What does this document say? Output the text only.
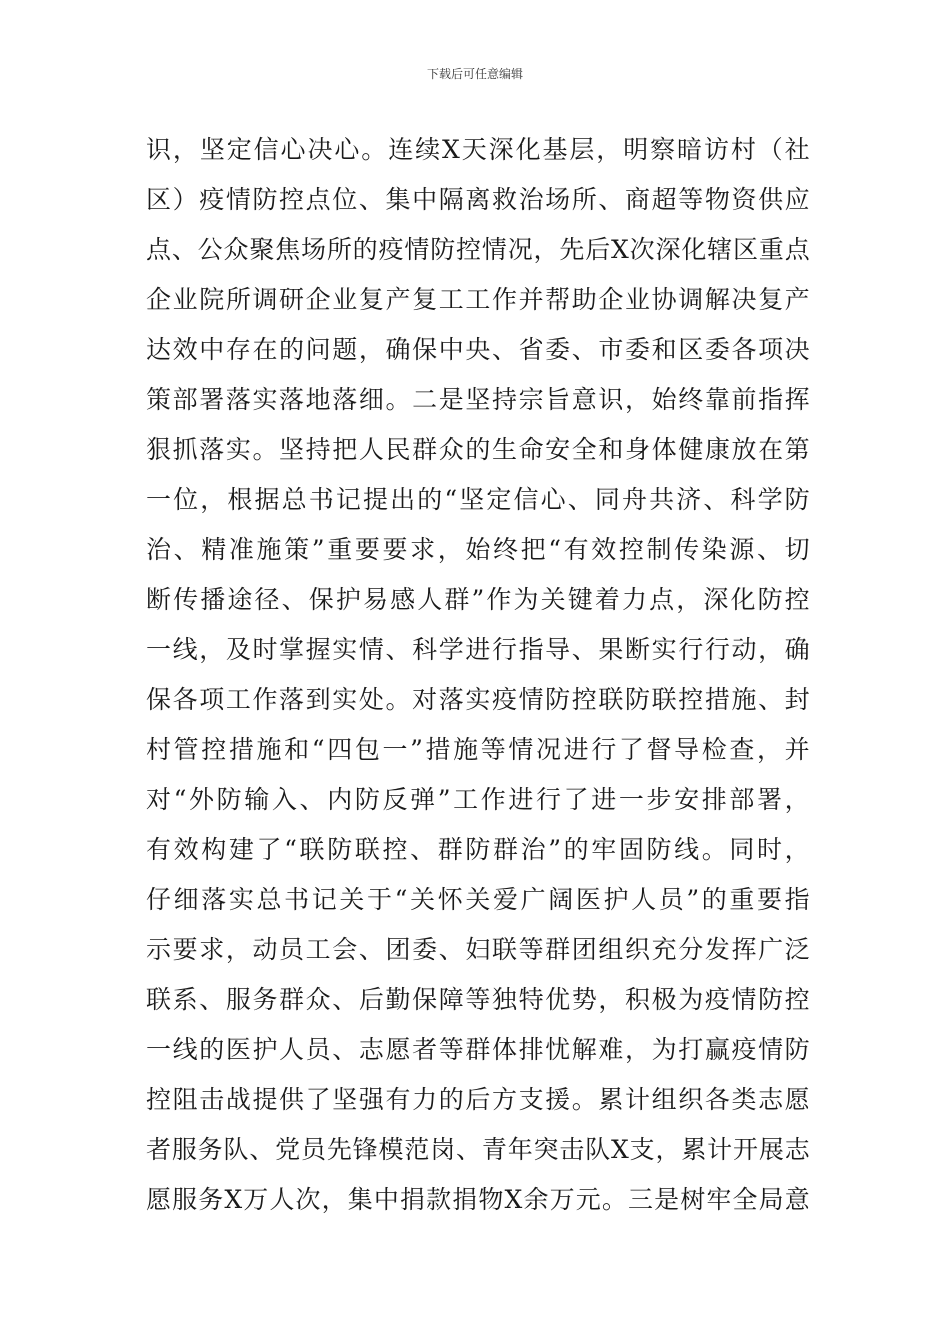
下载后可任意编辑
识，坚定信心决心。连续X天深化基层，明察暗访村（社
区）疫情防控点位、集中隔离救治场所、商超等物资供应
点、公众聚焦场所的疫情防控情况，先后X次深化辖区重点
企业院所调研企业复产复工工作并帮助企业协调解决复产
达效中存在的问题，确保中央、省委、市委和区委各项决
策部署落实落地落细。二是坚持宗旨意识，始终靠前指挥
狠抓落实。坚持把人民群众的生命安全和身体健康放在第
一位，根据总书记提出的“坚定信心、同舟共济、科学防
治、精准施策”重要要求，始终把“有效控制传染源、切
断传播途径、保护易感人群”作为关键着力点，深化防控
一线，及时掌握实情、科学进行指导、果断实行行动，确
保各项工作落到实处。对落实疫情防控联防联控措施、封
村管控措施和“四包一”措施等情况进行了督导检查，并
对“外防输入、内防反弹”工作进行了进一步安排部署，
有效构建了“联防联控、群防群治”的牢固防线。同时，
仔细落实总书记关于“关怀关爱广阔医护人员”的重要指
示要求，动员工会、团委、妇联等群团组织充分发挥广泛
联系、服务群众、后勤保障等独特优势，积极为疫情防控
一线的医护人员、志愿者等群体排忧解难，为打赢疫情防
控阻击战提供了坚强有力的后方支援。累计组织各类志愿
者服务队、党员先锋模范岗、青年突击队X支，累计开展志
愿服务X万人次，集中捐款捐物X余万元。三是树牢全局意
